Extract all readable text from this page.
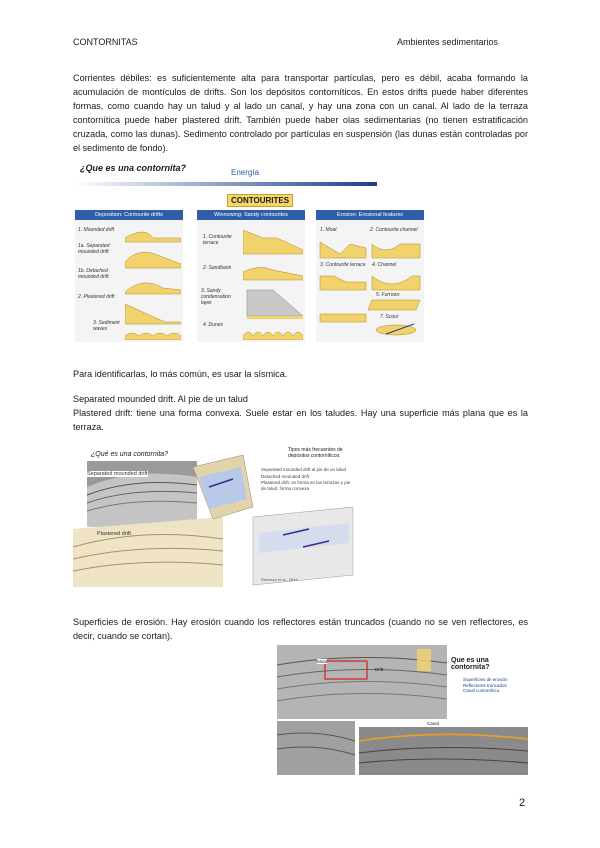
CONTORNITAS	Ambientes sedimentarios
Corrientes débiles: es suficientemente alta para transportar partículas, pero es débil, acaba formando la acumulación de montículos de drifts. Son los depósitos contorníticos. En estos drifts puede haber diferentes formas, como cuando hay un talud y al lado un canal, y hay una zona con un canal. Al lado de la terraza contornítica puede haber plastered drift. También puede haber olas sedimentarias (no tienen estratificación cruzada, como las dunas). Sedimento controlado por partículas en suspensión (las dunas están controladas por el sedimento de fondo).
¿Que es una contornita?	Energía
CONTOURITES
Deposition: Contourite drifts
1. Mounded drift
1a. Separated mounded drift
1b. Detached mounded drift
2. Plastered drift
3. Sediment waves
Winnowing: Sandy contourites
1. Contourite terrace
2. Sandbank
3. Sandy condensation layer
4. Dunes
Erosion: Erosional features
1. Moat	2. Contourite channel
3. Contourite terrace	4. Channel
5. Furrows
7. Scour
Para identificarlas, lo más común, es usar la sísmica.
Separated mounded drift. Al pie de un talud
Plastered drift: tiene una forma convexa. Suele estar en los taludes. Hay una superficie más plana que es la terraza.
¿Qué es una contornita?
Separated mounded drift
Plastered drift
Tipos más frecuentes de depósitos contorníticos:
Separated mounded drift al pie de un talud
Detached mounded drift
Plastered drift: se forma en las terrazas y pie de talud, forma convexa
Rebesco et al., 2014
Superficies de erosión. Hay erosión cuando los reflectores están truncados (cuando no se ven reflectores, es decir, cuando se cortan).
Que es una contornita?
Superficies de erosión
Reflectores truncados
Canal contornítico
Moat
Drift
Canal
2
